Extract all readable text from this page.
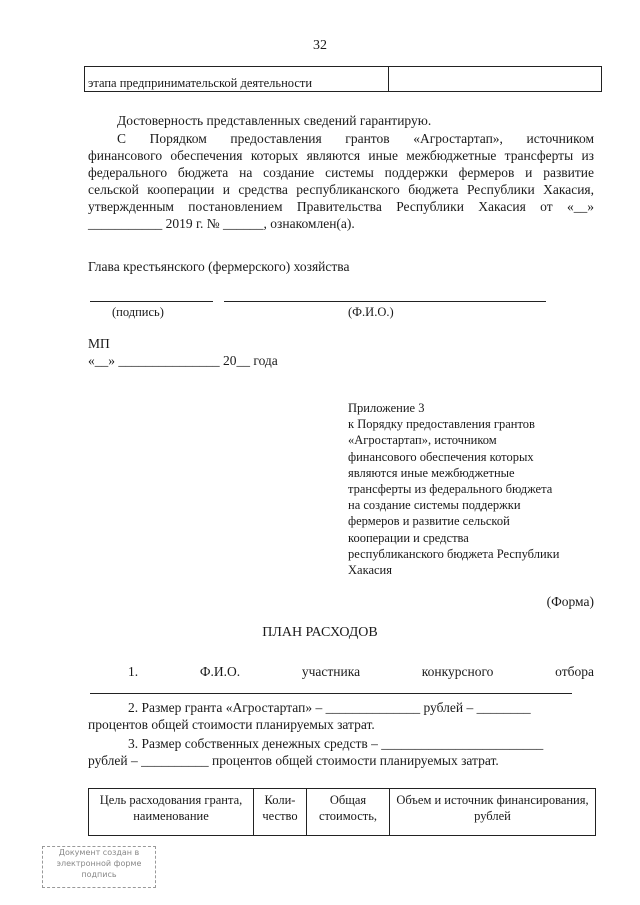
32
этапа предпринимательской деятельности	
Достоверность представленных сведений гарантирую.
С Порядком предоставления грантов «Агростартап», источником
финансового обеспечения которых являются иные межбюджетные трансферты из
федерального бюджета на создание системы поддержки фермеров и развитие
сельской кооперации и средства республиканского бюджета Республики Хакасия,
утвержденным постановлением Правительства Республики Хакасия от «__»
___________ 2019 г. № ______, ознакомлен(а).
Глава крестьянского (фермерского) хозяйства
(подпись)	(Ф.И.О.)
МП
«__» _______________ 20__ года
Приложение 3
к Порядку предоставления грантов
«Агростартап», источником
финансового обеспечения которых
являются иные межбюджетные
трансферты из федерального бюджета
на создание системы поддержки
фермеров и развитие сельской
кооперации и средства
республиканского бюджета Республики
Хакасия
(Форма)
ПЛАН РАСХОДОВ
1.	Ф.И.О.	участника	конкурсного	отбора
2. Размер гранта «Агростартап» – ______________ рублей – ________
процентов общей стоимости планируемых затрат.
3. Размер собственных денежных средств – ________________________
рублей – __________ процентов общей стоимости планируемых затрат.
Цель расходования гранта, наименование	Коли-чество	Общая стоимость,	Объем и источник финансирования, рублей
Документ создан в
электронной форме
подпись
